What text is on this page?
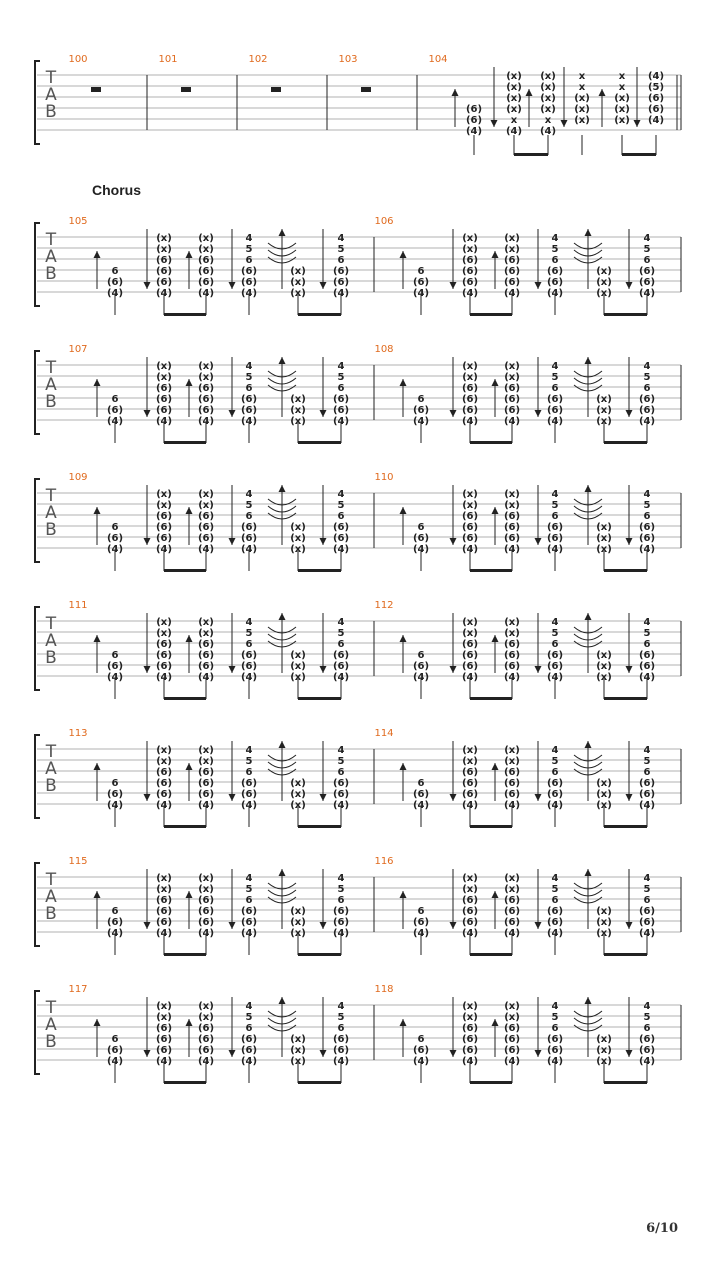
T
A
B
100	101	102	103	104
(6)
(6)
(4)
(x)
(x)
(x)
(x)
x
(4)
(x)
(x)
(x)
(x)
x
(4)
x
x
(x)
(x)
(x)
x
x
(x)
(x)
(x)
(4)
(5)
(6)
(6)
(4)
T
A
B
105
6
(6)
(4)
(x)
(x)
(6)
(6)
(6)
(4)
(x)
(x)
(6)
(6)
(6)
(4)
4
5
6
(6)
(6)
(4)
(x)
(x)
(x)
4
5
6
(6)
(6)
(4)
106
6
(6)
(4)
(x)
(x)
(6)
(6)
(6)
(4)
(x)
(x)
(6)
(6)
(6)
(4)
4
5
6
(6)
(6)
(4)
(x)
(x)
(x)
4
5
6
(6)
(6)
(4)
T
A
B
107
6
(6)
(4)
(x)
(x)
(6)
(6)
(6)
(4)
(x)
(x)
(6)
(6)
(6)
(4)
4
5
6
(6)
(6)
(4)
(x)
(x)
(x)
4
5
6
(6)
(6)
(4)
108
6
(6)
(4)
(x)
(x)
(6)
(6)
(6)
(4)
(x)
(x)
(6)
(6)
(6)
(4)
4
5
6
(6)
(6)
(4)
(x)
(x)
(x)
4
5
6
(6)
(6)
(4)
T
A
B
109
6
(6)
(4)
(x)
(x)
(6)
(6)
(6)
(4)
(x)
(x)
(6)
(6)
(6)
(4)
4
5
6
(6)
(6)
(4)
(x)
(x)
(x)
4
5
6
(6)
(6)
(4)
110
6
(6)
(4)
(x)
(x)
(6)
(6)
(6)
(4)
(x)
(x)
(6)
(6)
(6)
(4)
4
5
6
(6)
(6)
(4)
(x)
(x)
(x)
4
5
6
(6)
(6)
(4)
T
A
B
111
6
(6)
(4)
(x)
(x)
(6)
(6)
(6)
(4)
(x)
(x)
(6)
(6)
(6)
(4)
4
5
6
(6)
(6)
(4)
(x)
(x)
(x)
4
5
6
(6)
(6)
(4)
112
6
(6)
(4)
(x)
(x)
(6)
(6)
(6)
(4)
(x)
(x)
(6)
(6)
(6)
(4)
4
5
6
(6)
(6)
(4)
(x)
(x)
(x)
4
5
6
(6)
(6)
(4)
T
A
B
113
6
(6)
(4)
(x)
(x)
(6)
(6)
(6)
(4)
(x)
(x)
(6)
(6)
(6)
(4)
4
5
6
(6)
(6)
(4)
(x)
(x)
(x)
4
5
6
(6)
(6)
(4)
114
6
(6)
(4)
(x)
(x)
(6)
(6)
(6)
(4)
(x)
(x)
(6)
(6)
(6)
(4)
4
5
6
(6)
(6)
(4)
(x)
(x)
(x)
4
5
6
(6)
(6)
(4)
T
A
B
115
6
(6)
(4)
(x)
(x)
(6)
(6)
(6)
(4)
(x)
(x)
(6)
(6)
(6)
(4)
4
5
6
(6)
(6)
(4)
(x)
(x)
(x)
4
5
6
(6)
(6)
(4)
116
6
(6)
(4)
(x)
(x)
(6)
(6)
(6)
(4)
(x)
(x)
(6)
(6)
(6)
(4)
4
5
6
(6)
(6)
(4)
(x)
(x)
(x)
4
5
6
(6)
(6)
(4)
T
A
B
117
6
(6)
(4)
(x)
(x)
(6)
(6)
(6)
(4)
(x)
(x)
(6)
(6)
(6)
(4)
4
5
6
(6)
(6)
(4)
(x)
(x)
(x)
4
5
6
(6)
(6)
(4)
118
6
(6)
(4)
(x)
(x)
(6)
(6)
(6)
(4)
(x)
(x)
(6)
(6)
(6)
(4)
4
5
6
(6)
(6)
(4)
(x)
(x)
(x)
4
5
6
(6)
(6)
(4)
Chorus
6/10
